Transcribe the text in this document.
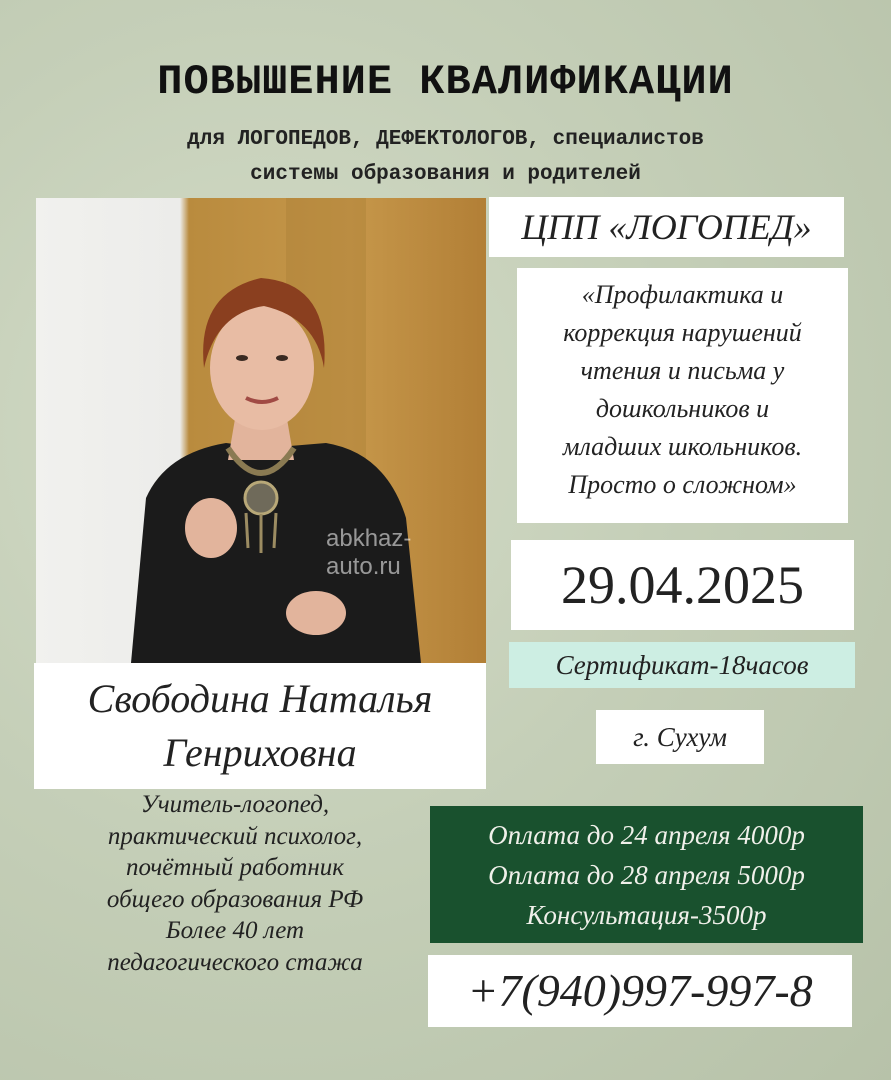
ПОВЫШЕНИЕ КВАЛИФИКАЦИИ
для ЛОГОПЕДОВ, ДЕФЕКТОЛОГОВ, специалистов
системы образования и родителей
abkhaz-auto.ru
ЦПП «ЛОГОПЕД»
«Профилактика и
коррекция нарушений
чтения и письма у
дошкольников и
младших школьников.
Просто о сложном»
29.04.2025
Сертификат-18часов
г. Сухум
Свободина Наталья
Генриховна
Учитель-логопед,
практический психолог,
почётный работник
общего образования РФ
Более 40 лет
педагогического стажа
Оплата до 24 апреля 4000р
Оплата до 28 апреля 5000р
Консультация-3500р
+7(940)997-997-8
